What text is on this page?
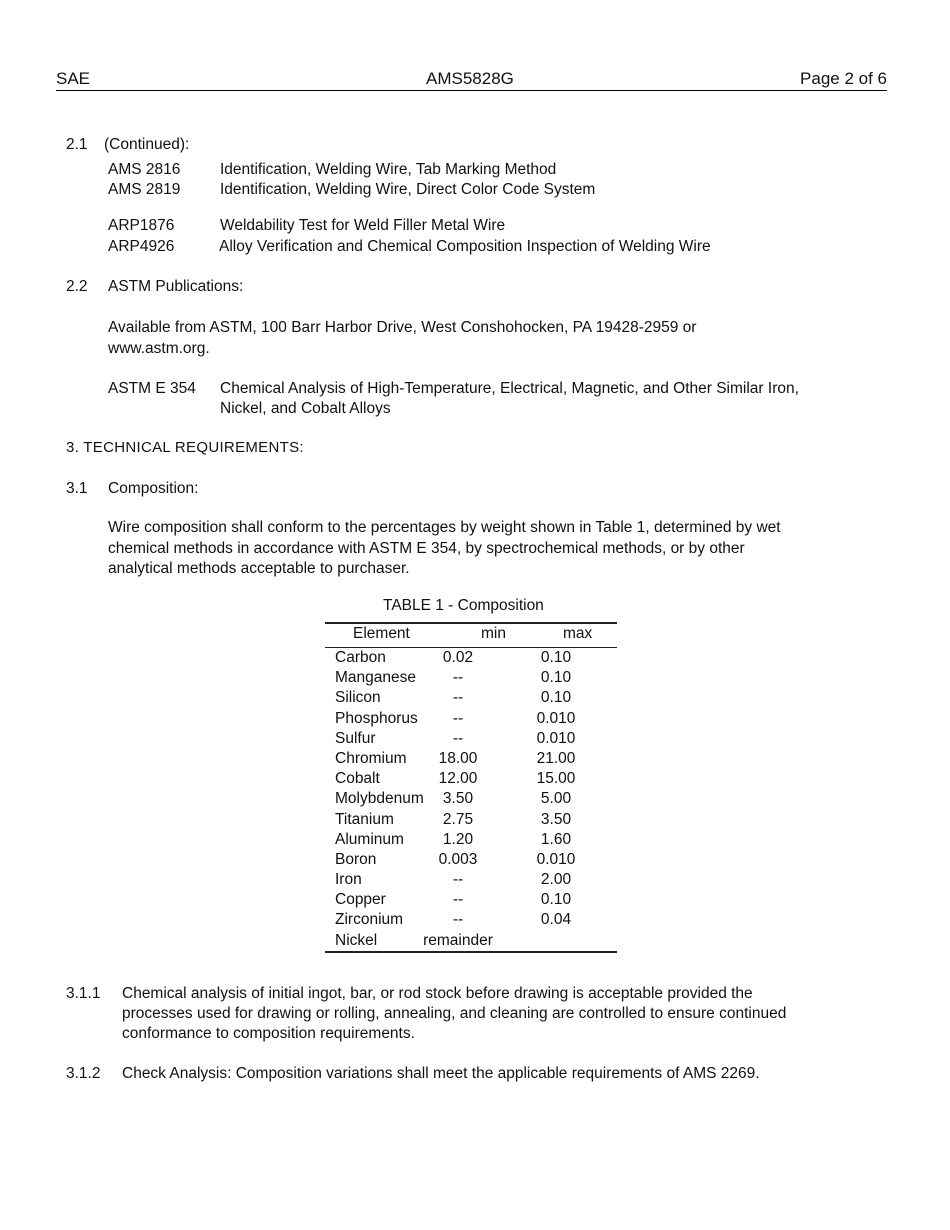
SAE	AMS5828G	Page 2 of 6
2.1 (Continued):
AMS 2816	Identification, Welding Wire, Tab Marking Method
AMS 2819	Identification, Welding Wire, Direct Color Code System
ARP1876	Weldability Test for Weld Filler Metal Wire
ARP4926	Alloy Verification and Chemical Composition Inspection of Welding Wire
2.2 ASTM Publications:
Available from ASTM, 100 Barr Harbor Drive, West Conshohocken, PA 19428-2959 or
www.astm.org.
ASTM E 354 Chemical Analysis of High-Temperature, Electrical, Magnetic, and Other Similar Iron,
Nickel, and Cobalt Alloys
3. TECHNICAL REQUIREMENTS:
3.1 Composition:
Wire composition shall conform to the percentages by weight shown in Table 1, determined by wet
chemical methods in accordance with ASTM E 354, by spectrochemical methods, or by other
analytical methods acceptable to purchaser.
TABLE 1 - Composition
Element	min	max
Carbon	0.02	0.10
Manganese	--	0.10
Silicon	--	0.10
Phosphorus	--	0.010
Sulfur	--	0.010
Chromium	18.00	21.00
Cobalt	12.00	15.00
Molybdenum	3.50	5.00
Titanium	2.75	3.50
Aluminum	1.20	1.60
Boron	0.003	0.010
Iron	--	2.00
Copper	--	0.10
Zirconium	--	0.04
Nickel	remainder
3.1.1 Chemical analysis of initial ingot, bar, or rod stock before drawing is acceptable provided the
processes used for drawing or rolling, annealing, and cleaning are controlled to ensure continued
conformance to composition requirements.
3.1.2 Check Analysis: Composition variations shall meet the applicable requirements of AMS 2269.
